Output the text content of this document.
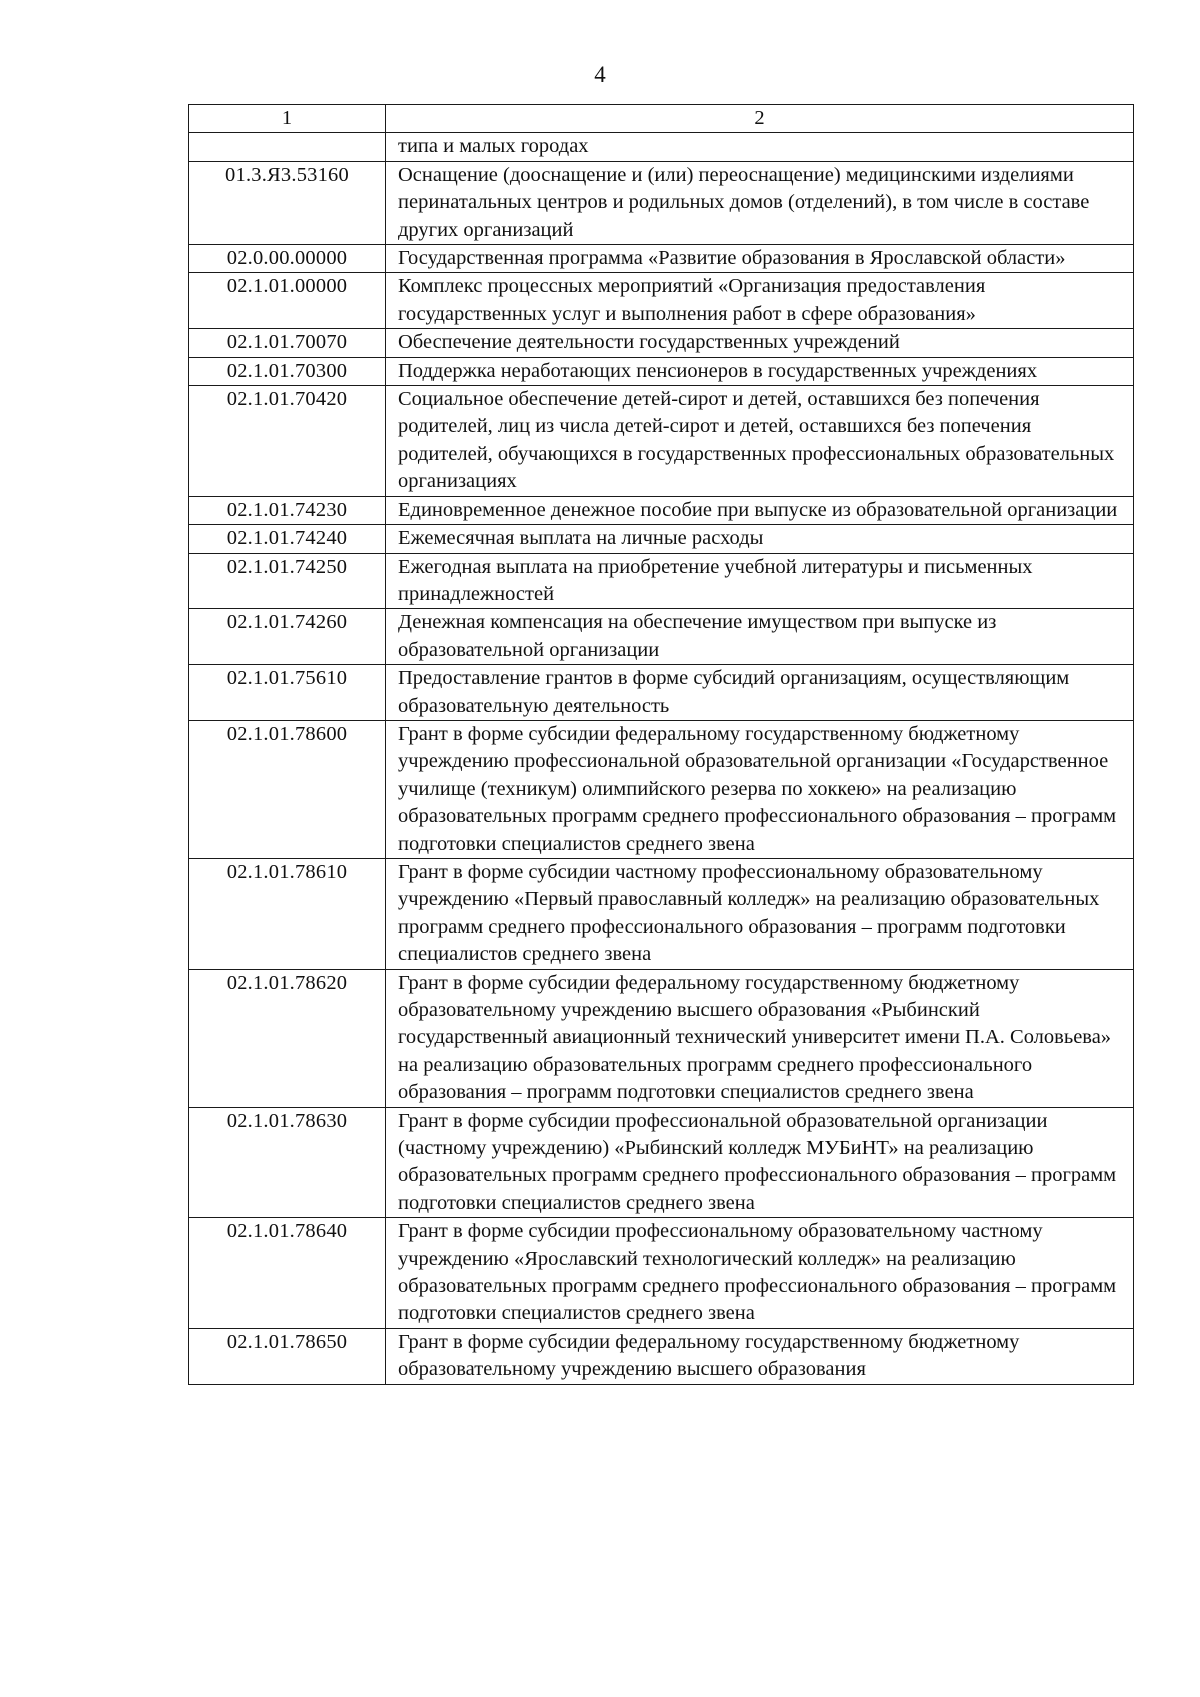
4
1	2
	типа и малых городах
01.3.Я3.53160	Оснащение (дооснащение и (или) переоснащение) медицинскими изделиями перинатальных центров и родильных домов (отделений), в том числе в составе других организаций
02.0.00.00000	Государственная программа «Развитие образования в Ярославской области»
02.1.01.00000	Комплекс процессных мероприятий «Организация предоставления государственных услуг и выполнения работ в сфере образования»
02.1.01.70070	Обеспечение деятельности государственных учреждений
02.1.01.70300	Поддержка неработающих пенсионеров в государственных учреждениях
02.1.01.70420	Социальное обеспечение детей-сирот и детей, оставшихся без попечения родителей, лиц из числа детей-сирот и детей, оставшихся без попечения родителей, обучающихся в государственных профессиональных образовательных организациях
02.1.01.74230	Единовременное денежное пособие при выпуске из образовательной организации
02.1.01.74240	Ежемесячная выплата на личные расходы
02.1.01.74250	Ежегодная выплата на приобретение учебной литературы и письменных принадлежностей
02.1.01.74260	Денежная компенсация на обеспечение имуществом при выпуске из образовательной организации
02.1.01.75610	Предоставление грантов в форме субсидий организациям, осуществляющим образовательную деятельность
02.1.01.78600	Грант в форме субсидии федеральному государственному бюджетному учреждению профессиональной образовательной организации «Государственное училище (техникум) олимпийского резерва по хоккею» на реализацию образовательных программ среднего профессионального образования – программ подготовки специалистов среднего звена
02.1.01.78610	Грант в форме субсидии частному профессиональному образовательному учреждению «Первый православный колледж» на реализацию образовательных программ среднего профессионального образования – программ подготовки специалистов среднего звена
02.1.01.78620	Грант в форме субсидии федеральному государственному бюджетному образовательному учреждению высшего образования «Рыбинский государственный авиационный технический университет имени П.А. Соловьева» на реализацию образовательных программ среднего профессионального образования – программ подготовки специалистов среднего звена
02.1.01.78630	Грант в форме субсидии профессиональной образовательной организации (частному учреждению) «Рыбинский колледж МУБиНТ» на реализацию образовательных программ среднего профессионального образования – программ подготовки специалистов среднего звена
02.1.01.78640	Грант в форме субсидии профессиональному образовательному частному учреждению «Ярославский технологический колледж» на реализацию образовательных программ среднего профессионального образования – программ подготовки специалистов среднего звена
02.1.01.78650	Грант в форме субсидии федеральному государственному бюджетному образовательному учреждению высшего образования
